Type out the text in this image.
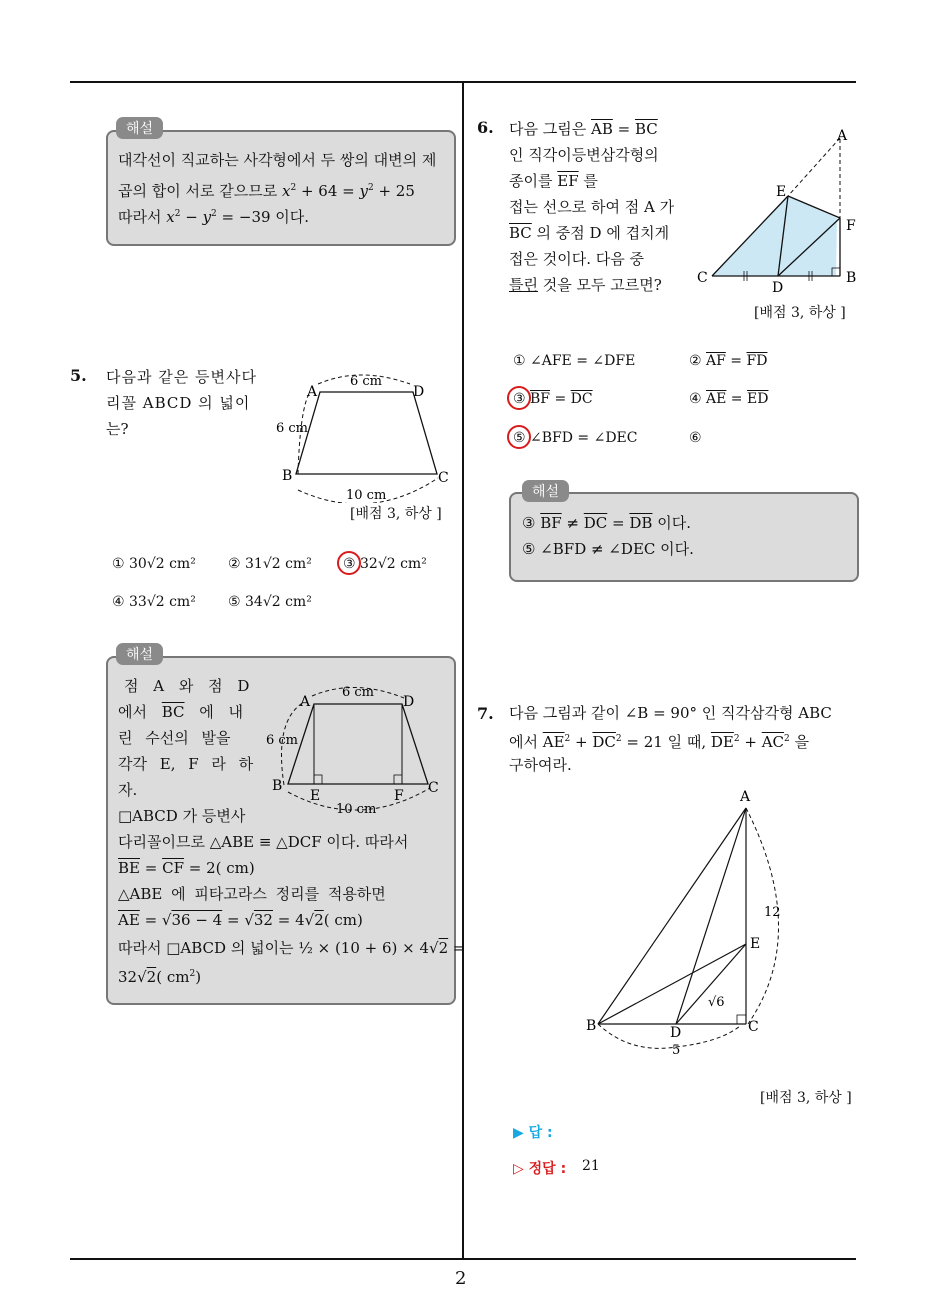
2
해설
대각선이 직교하는 사각형에서 두 쌍의 대변의 제
곱의 합이 서로 같으므로 $x^2 + 64 = y^2 + 25$
따라서 $x^2 - y^2 = -39$ 이다.
5. 다음과 같은 등변사다
리꼴 ABCD 의 넓이
는?
A	D
B	C
6 cm
6 cm
10 cm
[배점 3, 하상 ]
① 30√2 cm² ② 31√2 cm² ③ 32√2 cm²
④ 33√2 cm² ⑤ 34√2 cm²
해설
점 A 와 점 D
에서 $\overline{BC}$ 에 내
린 수선의 발을
각각 E, F 라 하
자.
□ABCD 가 등변사
다리꼴이므로 △ABE ≡ △DCF 이다. 따라서
$\overline{BE} = \overline{CF} = 2$( cm)
△ABE 에 피타고라스 정리를 적용하면
$\overline{AE} = √36 - 4 = √32 = 4√2$( cm)
따라서 □ABCD 의 넓이는 ½ × (10 + 6) × 4√2 =
32√2( $cm^2$)
A	D
B	C
E	F
6 cm
6 cm
10 cm
6. 다음 그림은 $\overline{AB} = \overline{BC}$
인 직각이등변삼각형의
종이를 $\overline{EF}$ 를
접는 선으로 하여 점 A 가
$\overline{BC}$ 의 중점 D 에 겹치게
접은 것이다. 다음 중
틀린 것을 모두 고르면?
A
E
F
C
D
B
[배점 3, 하상 ]
① ∠AFE = ∠DFE	② $\overline{AF} = \overline{FD}$
③ $\overline{BF} = \overline{DC}$	④ $\overline{AE} = \overline{ED}$
⑤ ∠BFD = ∠DEC	⑥
해설
③ $\overline{BF} \ne \overline{DC} = \overline{DB}$ 이다.
⑤ ∠BFD ≠ ∠DEC 이다.
7. 다음 그림과 같이 ∠B = 90° 인 직각삼각형 ABC
에서 $\overline{AE}^2 + \overline{DC}^2 = 21$ 일 때, $\overline{DE}^2 + \overline{AC}^2$ 을
구하여라.
A
E
B	D	C
12
5
√6
[배점 3, 하상 ]
▶ 답 :
▷ 정답 : 21
